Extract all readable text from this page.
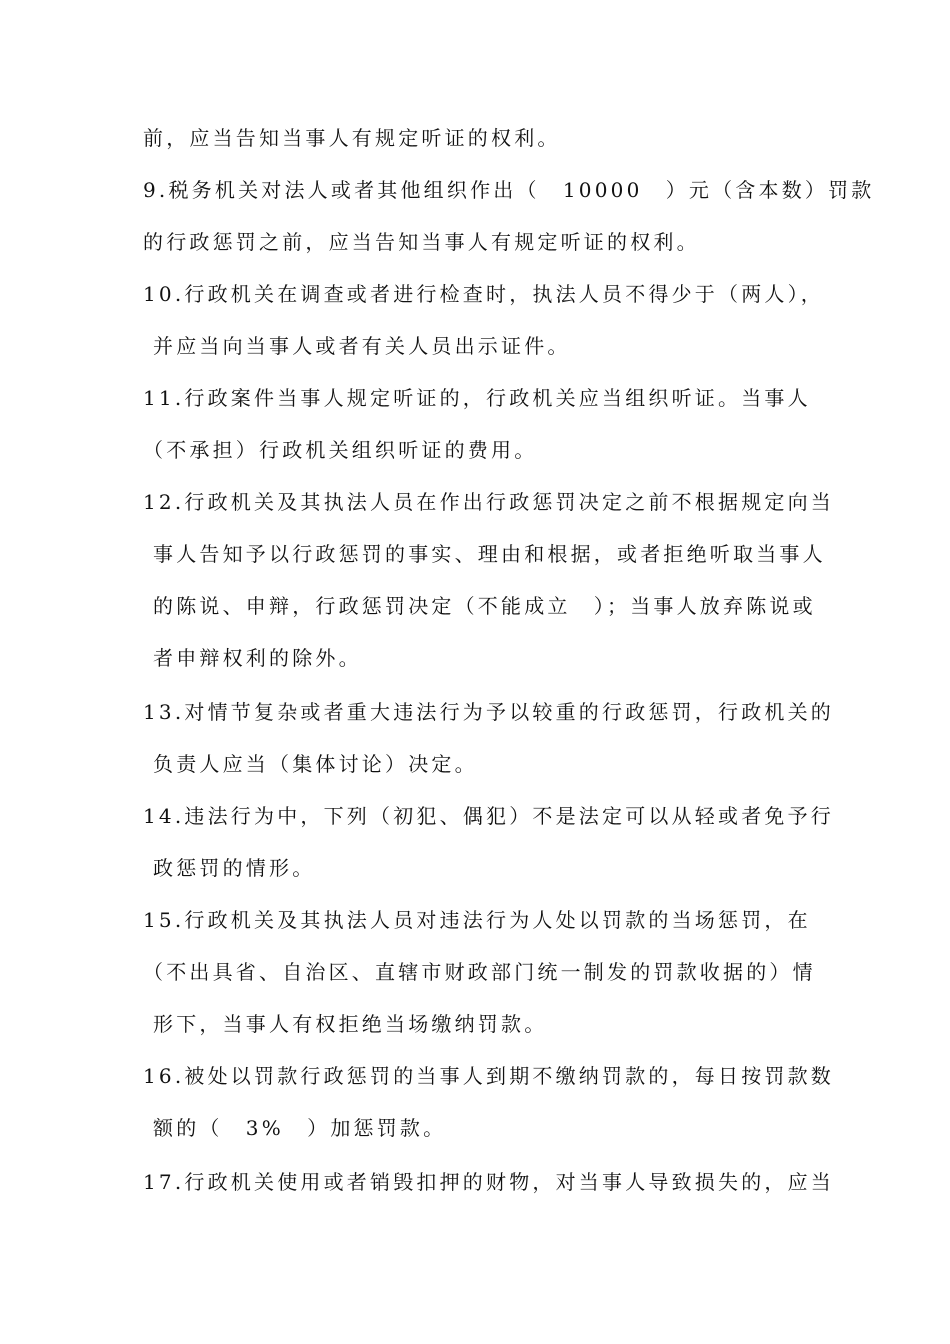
前，应当告知当事人有规定听证的权利。
9.税务机关对法人或者其他组织作出（　10000　）元（含本数）罚款
的行政惩罚之前，应当告知当事人有规定听证的权利。
10.行政机关在调查或者进行检查时，执法人员不得少于（两人），
并应当向当事人或者有关人员出示证件。
11.行政案件当事人规定听证的，行政机关应当组织听证。当事人
（不承担）行政机关组织听证的费用。
12.行政机关及其执法人员在作出行政惩罚决定之前不根据规定向当
事人告知予以行政惩罚的事实、理由和根据，或者拒绝听取当事人
的陈说、申辩，行政惩罚决定（不能成立　）；当事人放弃陈说或
者申辩权利的除外。
13.对情节复杂或者重大违法行为予以较重的行政惩罚，行政机关的
负责人应当（集体讨论）决定。
14.违法行为中，下列（初犯、偶犯）不是法定可以从轻或者免予行
政惩罚的情形。
15.行政机关及其执法人员对违法行为人处以罚款的当场惩罚，在
（不出具省、自治区、直辖市财政部门统一制发的罚款收据的）情
形下，当事人有权拒绝当场缴纳罚款。
16.被处以罚款行政惩罚的当事人到期不缴纳罚款的，每日按罚款数
额的（　3%　）加惩罚款。
17.行政机关使用或者销毁扣押的财物，对当事人导致损失的，应当
